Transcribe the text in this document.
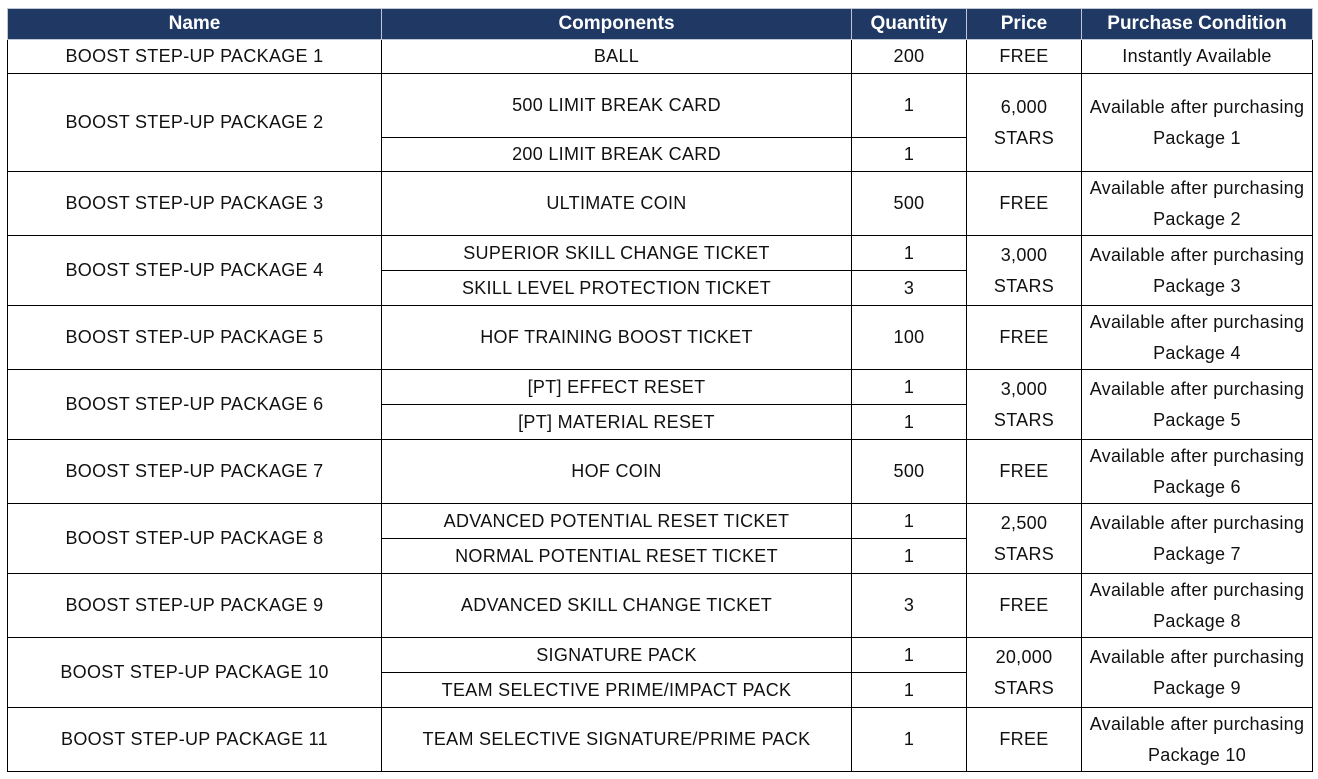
Name	Components	Quantity	Price	Purchase Condition
BOOST STEP-UP PACKAGE 1	BALL	200	FREE	Instantly Available
BOOST STEP-UP PACKAGE 2	500 LIMIT BREAK CARD	1	6,000 STARS	Available after purchasing Package 1
	200 LIMIT BREAK CARD	1		
BOOST STEP-UP PACKAGE 3	ULTIMATE COIN	500	FREE	Available after purchasing Package 2
BOOST STEP-UP PACKAGE 4	SUPERIOR SKILL CHANGE TICKET	1	3,000 STARS	Available after purchasing Package 3
	SKILL LEVEL PROTECTION TICKET	3		
BOOST STEP-UP PACKAGE 5	HOF TRAINING BOOST TICKET	100	FREE	Available after purchasing Package 4
BOOST STEP-UP PACKAGE 6	[PT] EFFECT RESET	1	3,000 STARS	Available after purchasing Package 5
	[PT] MATERIAL RESET	1		
BOOST STEP-UP PACKAGE 7	HOF COIN	500	FREE	Available after purchasing Package 6
BOOST STEP-UP PACKAGE 8	ADVANCED POTENTIAL RESET TICKET	1	2,500 STARS	Available after purchasing Package 7
	NORMAL POTENTIAL RESET TICKET	1		
BOOST STEP-UP PACKAGE 9	ADVANCED SKILL CHANGE TICKET	3	FREE	Available after purchasing Package 8
BOOST STEP-UP PACKAGE 10	SIGNATURE PACK	1	20,000 STARS	Available after purchasing Package 9
	TEAM SELECTIVE PRIME/IMPACT PACK	1		
BOOST STEP-UP PACKAGE 11	TEAM SELECTIVE SIGNATURE/PRIME PACK	1	FREE	Available after purchasing Package 10
